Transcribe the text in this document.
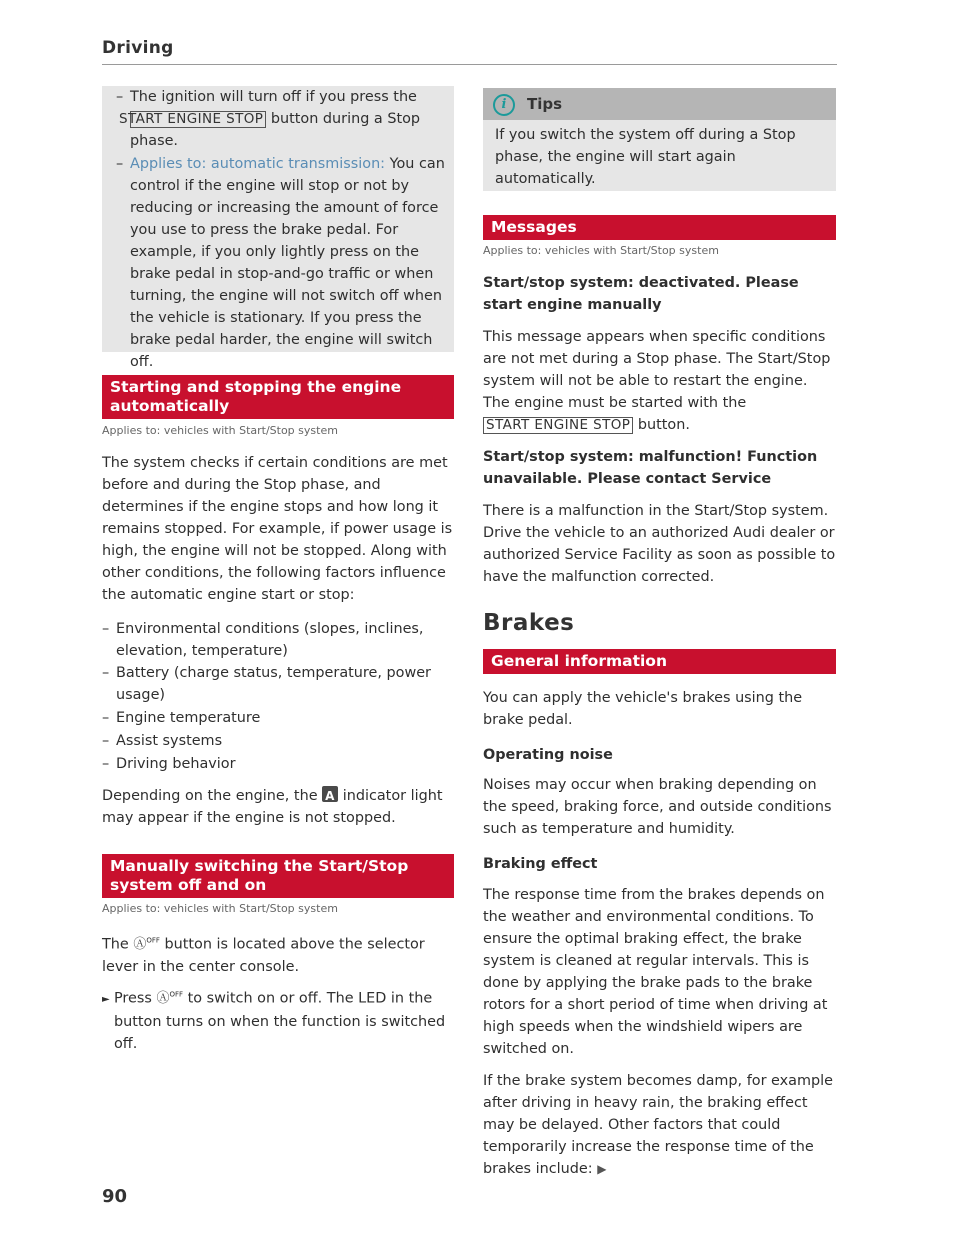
Driving
– The ignition will turn off if you press the START ENGINE STOP button during a Stop phase.
– Applies to: automatic transmission: You can control if the engine will stop or not by reducing or increasing the amount of force you use to press the brake pedal. For example, if you only lightly press on the brake pedal in stop-and-go traffic or when turning, the engine will not switch off when the vehicle is stationary. If you press the brake pedal harder, the engine will switch off.
Starting and stopping the engine automatically
Applies to: vehicles with Start/Stop system

The system checks if certain conditions are met before and during the Stop phase, and determines if the engine stops and how long it remains stopped. For example, if power usage is high, the engine will not be stopped. Along with other conditions, the following factors influence the automatic engine start or stop:

– Environmental conditions (slopes, inclines, elevation, temperature)
– Battery (charge status, temperature, power usage)
– Engine temperature
– Assist systems
– Driving behavior

Depending on the engine, the A indicator light may appear if the engine is not stopped.

Manually switching the Start/Stop system off and on
Applies to: vehicles with Start/Stop system

The Ⓐ$^{OFF}$ button is located above the selector lever in the center console.

► Press Ⓐ$^{OFF}$ to switch on or off. The LED in the button turns on when the function is switched off.

90
i	Tips

If you switch the system off during a Stop phase, the engine will start again automatically.

Messages
Applies to: vehicles with Start/Stop system
Start/stop system: deactivated. Please start engine manually

This message appears when specific conditions are not met during a Stop phase. The Start/Stop system will not be able to restart the engine. The engine must be started with the START ENGINE STOP button.

Start/stop system: malfunction! Function unavailable. Please contact Service

There is a malfunction in the Start/Stop system. Drive the vehicle to an authorized Audi dealer or authorized Service Facility as soon as possible to have the malfunction corrected.

Brakes
General information

You can apply the vehicle's brakes using the brake pedal.

Operating noise

Noises may occur when braking depending on the speed, braking force, and outside conditions such as temperature and humidity.

Braking effect

The response time from the brakes depends on the weather and environmental conditions. To ensure the optimal braking effect, the brake system is cleaned at regular intervals. This is done by applying the brake pads to the brake rotors for a short period of time when driving at high speeds when the windshield wipers are switched on.

If the brake system becomes damp, for example after driving in heavy rain, the braking effect may be delayed. Other factors that could temporarily increase the response time of the brakes include: ▶
